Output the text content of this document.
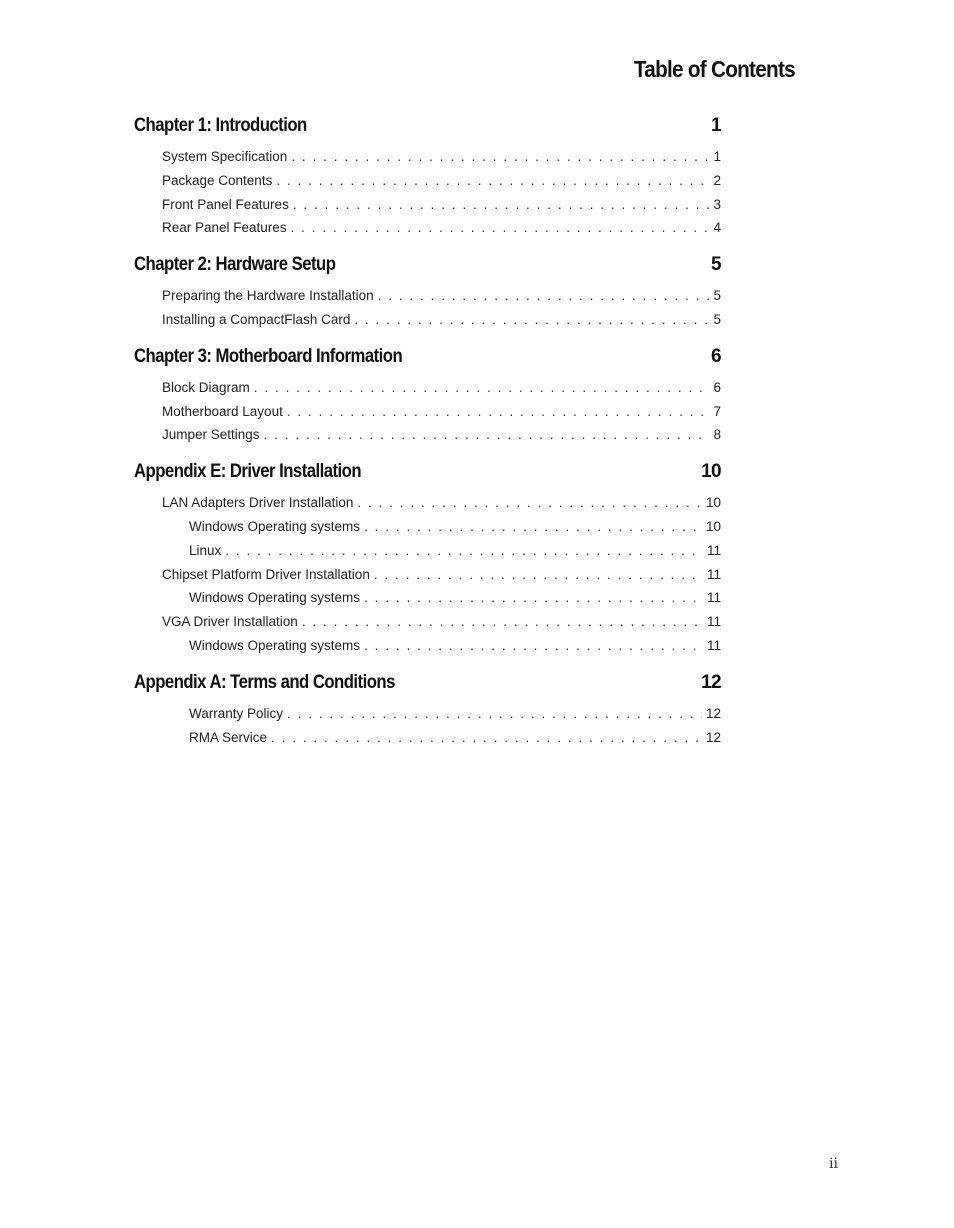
Table of Contents
Chapter 1: Introduction	1
System Specification . . .	1
Package Contents . . .	2
Front Panel Features . . .	3
Rear Panel Features . . .	4
Chapter 2: Hardware Setup	5
Preparing the Hardware Installation . . .	5
Installing a CompactFlash Card . . .	5
Chapter 3: Motherboard Information	6
Block Diagram . . .	6
Motherboard Layout . . .	7
Jumper Settings . . .	8
Appendix E: Driver Installation	10
LAN Adapters Driver Installation . . .	10
Windows Operating systems . . .	10
Linux . . .	11
Chipset Platform Driver Installation . . .	11
Windows Operating systems . . .	11
VGA Driver Installation . . .	11
Windows Operating systems . . .	11
Appendix A: Terms and Conditions	12
Warranty Policy . . .	12
RMA Service . . .	12
ii
